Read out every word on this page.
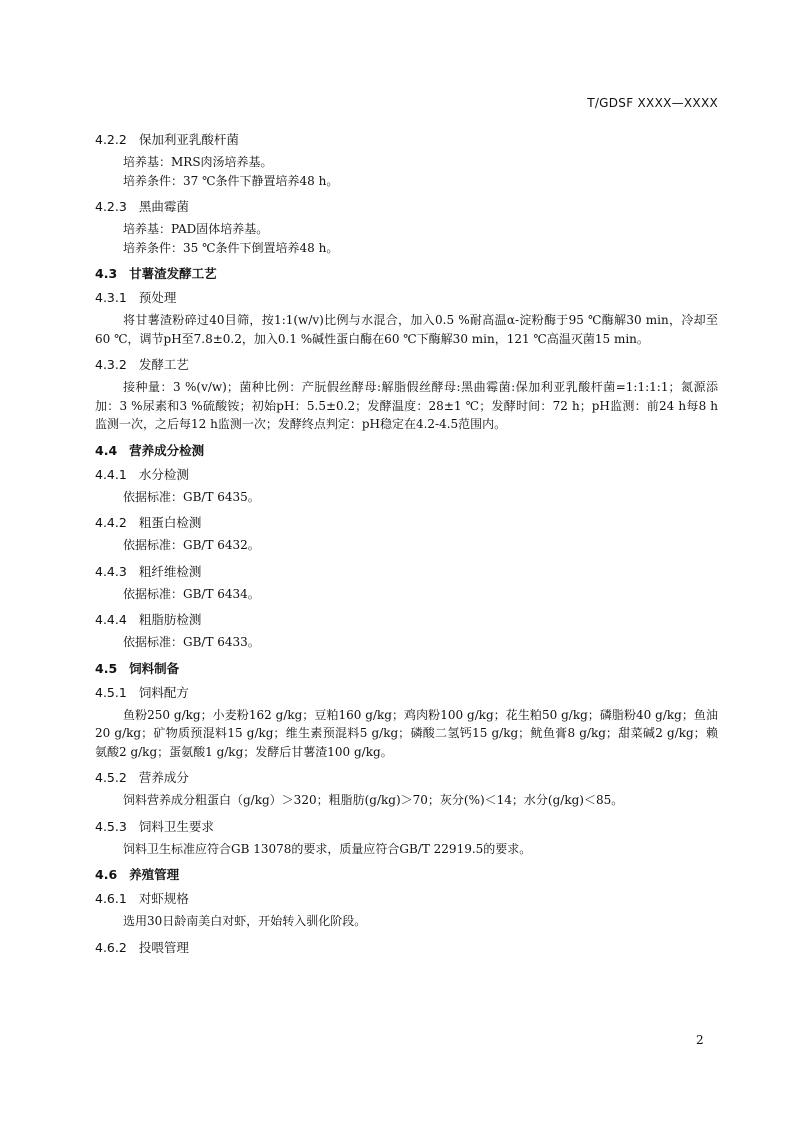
T/GDSF XXXX—XXXX
4.2.2 保加利亚乳酸杆菌

培养基：MRS肉汤培养基。

培养条件：37 ℃条件下静置培养48 h。

4.2.3 黑曲霉菌

培养基：PAD固体培养基。

培养条件：35 ℃条件下倒置培养48 h。

4.3 甘薯渣发酵工艺
4.3.1 预处理

将甘薯渣粉碎过40目筛，按1:1(w/v)比例与水混合，加入0.5 %耐高温α-淀粉酶于95 ℃酶解30 min，冷却至60 ℃，调节pH至7.8±0.2，加入0.1 %碱性蛋白酶在60 ℃下酶解30 min，121 ℃高温灭菌15 min。

4.3.2 发酵工艺

接种量：3 %(v/w)；菌种比例：产朊假丝酵母:解脂假丝酵母:黑曲霉菌:保加利亚乳酸杆菌=1:1:1:1；氮源添加：3 %尿素和3 %硫酸铵；初始pH：5.5±0.2；发酵温度：28±1 ℃；发酵时间：72 h；pH监测：前24 h每8 h监测一次，之后每12 h监测一次；发酵终点判定：pH稳定在4.2-4.5范围内。

4.4 营养成分检测
4.4.1 水分检测

依据标准：GB/T 6435。

4.4.2 粗蛋白检测

依据标准：GB/T 6432。

4.4.3 粗纤维检测

依据标准：GB/T 6434。

4.4.4 粗脂肪检测

依据标准：GB/T 6433。

4.5 饲料制备
4.5.1 饲料配方

鱼粉250 g/kg；小麦粉162 g/kg；豆粕160 g/kg；鸡肉粉100 g/kg；花生粕50 g/kg；磷脂粉40 g/kg；鱼油20 g/kg；矿物质预混料15 g/kg；维生素预混料5 g/kg；磷酸二氢钙15 g/kg；鱿鱼膏8 g/kg；甜菜碱2 g/kg；赖氨酸2 g/kg；蛋氨酸1 g/kg；发酵后甘薯渣100 g/kg。

4.5.2 营养成分

饲料营养成分粗蛋白（g/kg）＞320；粗脂肪(g/kg)＞70；灰分(%)＜14；水分(g/kg)＜85。

4.5.3 饲料卫生要求

饲料卫生标准应符合GB 13078的要求，质量应符合GB/T 22919.5的要求。

4.6 养殖管理
4.6.1 对虾规格

选用30日龄南美白对虾，开始转入驯化阶段。

4.6.2 投喂管理
2
